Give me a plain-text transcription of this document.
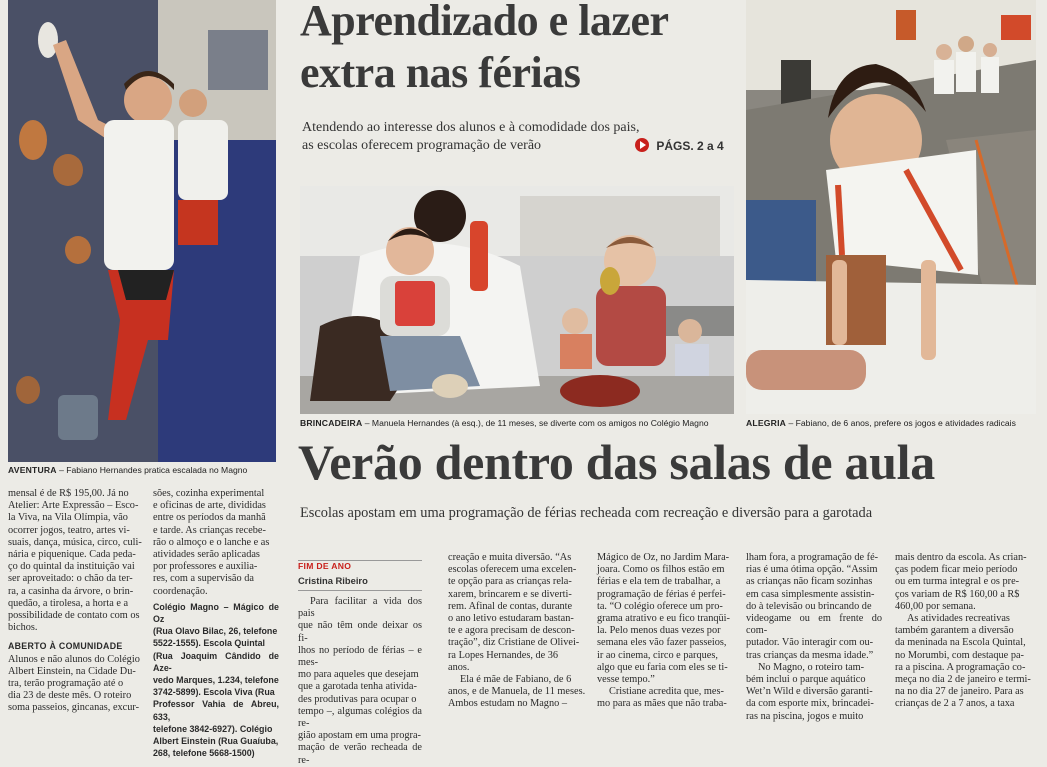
AVENTURA – Fabiano Hernandes pratica escalada no Magno
Aprendizado e lazer
extra nas férias
Atendendo ao interesse dos alunos e à comodidade dos pais,
as escolas oferecem programação de verão	PÁGS. 2 a 4
BRINCADEIRA – Manuela Hernandes (à esq.), de 11 meses, se diverte com os amigos no Colégio Magno	ALEGRIA – Fabiano, de 6 anos, prefere os jogos e atividades radicais
Verão dentro das salas de aula
Escolas apostam em uma programação de férias recheada com recreação e diversão para a garotada

mensal é de R$ 195,00. Já no
Atelier: Arte Expressão – Esco-
la Viva, na Vila Olímpia, vão
ocorrer jogos, teatro, artes vi-
suais, dança, música, circo, culi-
nária e piquenique. Cada peda-
ço do quintal da instituição vai
ser aproveitado: o chão da ter-
ra, a casinha da árvore, o brin-
quedão, a tirolesa, a horta e a
possibilidade de contato com os
bichos.

ABERTO À COMUNIDADE

Alunos e não alunos do Colégio
Albert Einstein, na Cidade Du-
tra, terão programação até o
dia 23 de deste mês. O roteiro
soma passeios, gincanas, excur-

sões, cozinha experimental
e oficinas de arte, divididas
entre os períodos da manhã
e tarde. As crianças recebe-
rão o almoço e o lanche e as
atividades serão aplicadas
por professores e auxilia-
res, com a supervisão da
coordenação.

Colégio Magno – Mágico de Oz
(Rua Olavo Bilac, 26, telefone
5522-1555). Escola Quintal
(Rua Joaquim Cândido de Aze-
vedo Marques, 1.234, telefone
3742-5899). Escola Viva (Rua
Professor Vahia de Abreu, 633,
telefone 3842-6927). Colégio
Albert Einstein (Rua Guaíuba,
268, telefone 5668-1500)

FIM DE ANO
Cristina Ribeiro

Para facilitar a vida dos pais
que não têm onde deixar os fi-
lhos no período de férias – e mes-
mo para aqueles que desejam
que a garotada tenha ativida-
des produtivas para ocupar o
tempo –, algumas colégios da re-
gião apostam em uma progra-
mação de verão recheada de re-

creação e muita diversão. “As
escolas oferecem uma excelen-
te opção para as crianças rela-
xarem, brincarem e se diverti-
rem. Afinal de contas, durante
o ano letivo estudaram bastan-
te e agora precisam de descon-
tração”, diz Cristiane de Olivei-
ra Lopes Hernandes, de 36
anos.

Ela é mãe de Fabiano, de 6
anos, e de Manuela, de 11 meses.
Ambos estudam no Magno –

Mágico de Oz, no Jardim Mara-
joara. Como os filhos estão em
férias e ela tem de trabalhar, a
programação de férias é perfei-
ta. “O colégio oferece um pro-
grama atrativo e eu fico tranqüi-
la. Pelo menos duas vezes por
semana eles vão fazer passeios,
ir ao cinema, circo e parques,
algo que eu faria com eles se ti-
vesse tempo.”

Cristiane acredita que, mes-
mo para as mães que não traba-

lham fora, a programação de fé-
rias é uma ótima opção. “Assim
as crianças não ficam sozinhas
em casa simplesmente assistin-
do à televisão ou brincando de
videogame ou em frente do com-
putador. Vão interagir com ou-
tras crianças da mesma idade.”

No Magno, o roteiro tam-
bém inclui o parque aquático
Wet’n Wild e diversão garanti-
da com esporte mix, brincadei-
ras na piscina, jogos e muito

mais dentro da escola. As crian-
ças podem ficar meio período
ou em turma integral e os pre-
ços variam de R$ 160,00 a R$
460,00 por semana.

As atividades recreativas
também garantem a diversão
da meninada na Escola Quintal,
no Morumbi, com destaque pa-
ra a piscina. A programação co-
meça no dia 2 de janeiro e termi-
na no dia 27 de janeiro. Para as
crianças de 2 a 7 anos, a taxa
